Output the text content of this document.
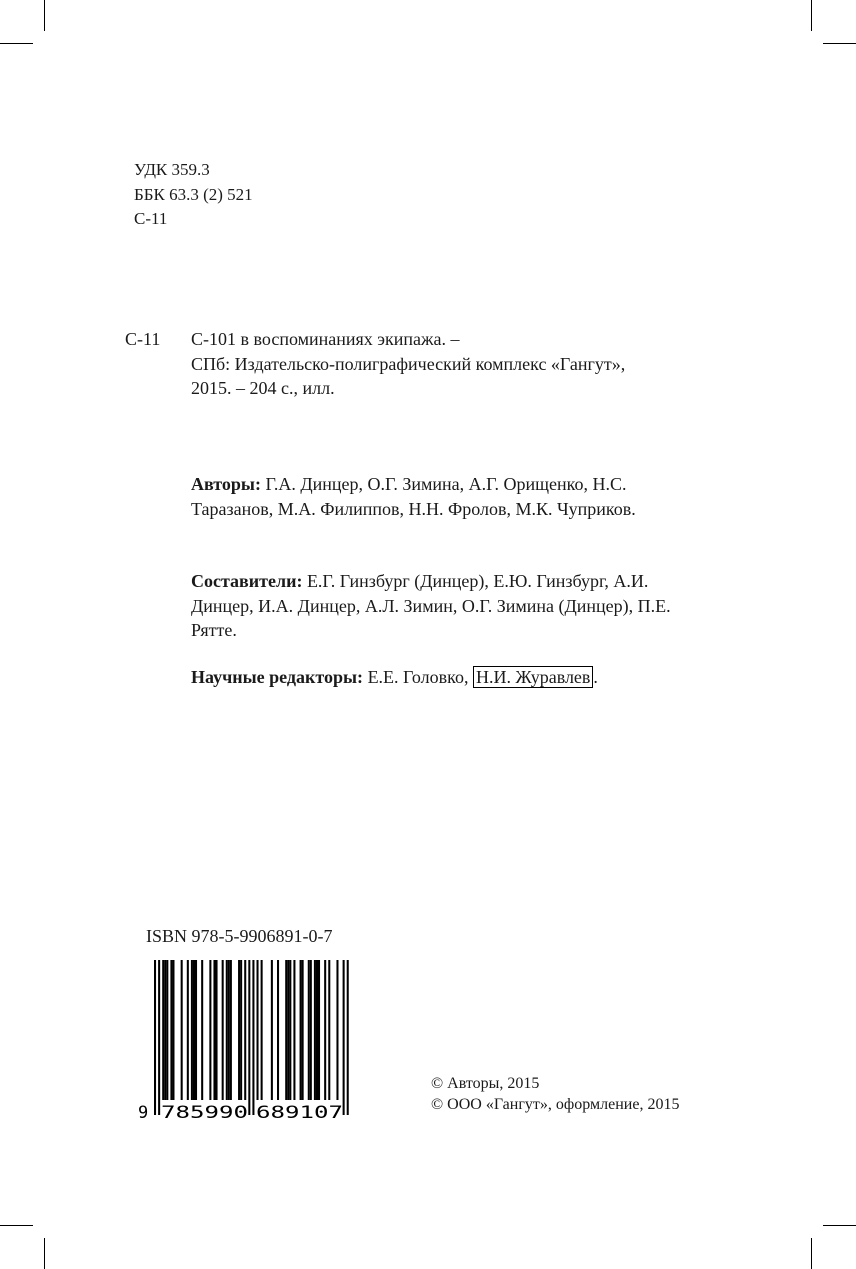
УДК 359.3
ББК 63.3 (2) 521
С-11
С-11 С-101 в воспоминаниях экипажа. –
СПб: Издательско-полиграфический комплекс «Гангут»,
2015. – 204 с., илл.
Авторы: Г.А. Динцер, О.Г. Зимина, А.Г. Орищенко, Н.С. Таразанов, М.А. Филиппов, Н.Н. Фролов, М.К. Чуприков.
Составители: Е.Г. Гинзбург (Динцер), Е.Ю. Гинзбург, А.И. Динцер, И.А. Динцер, А.Л. Зимин, О.Г. Зимина (Динцер), П.Е. Рятте.
Научные редакторы: Е.Е. Головко, Н.И. Журавлев .
ISBN 978-5-9906891-0-7
9 785990 689107
© Авторы, 2015
© ООО «Гангут», оформление, 2015
